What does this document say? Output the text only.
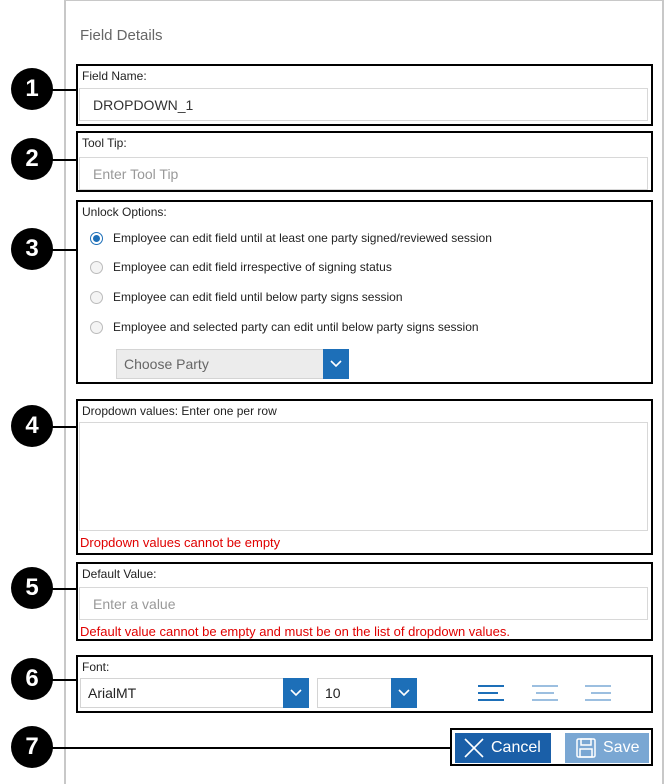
Field Details
Field Name:
DROPDOWN_1
Tool Tip:
Enter Tool Tip
Unlock Options:
Employee can edit field until at least one party signed/reviewed session
Employee can edit field irrespective of signing status
Employee can edit field until below party signs session
Employee and selected party can edit until below party signs session
Choose Party
Dropdown values: Enter one per row
Dropdown values cannot be empty
Default Value:
Enter a value
Default value cannot be empty and must be on the list of dropdown values.
Font:
ArialMT	10
Cancel	Save
1
2
3
4
5
6
7
